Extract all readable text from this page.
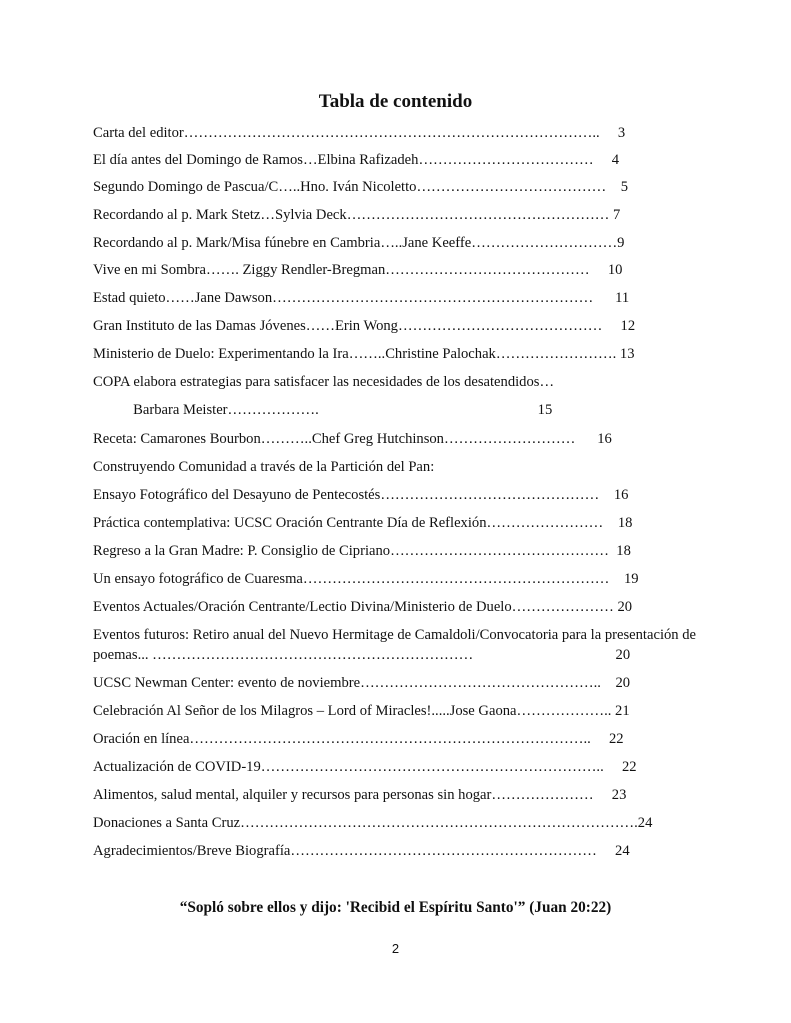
Tabla de contenido
Carta del editor…………………………………………………………………………..     3
El día antes del Domingo de Ramos…Elbina Rafizadeh………………………………     4
Segundo Domingo de Pascua/C…..Hno. Iván Nicoletto…………………………………    5
Recordando al p. Mark Stetz…Sylvia Deck……………………………………………… 7
Recordando al p. Mark/Misa fúnebre en Cambria…..Jane Keeffe…………………………9
Vive en mi Sombra……. Ziggy Rendler-Bregman……………………………………     10
Estad quieto……Jane Dawson…………………………………………………………      11
Gran Instituto de las Damas Jóvenes……Erin Wong……………………………………     12
Ministerio de Duelo: Experimentando la Ira……..Christine Palochak……………………. 13
COPA elabora estrategias para satisfacer las necesidades de los desatendidos…
Barbara Meister……………….                                                            15
Receta: Camarones Bourbon………..Chef Greg Hutchinson………………………      16
Construyendo Comunidad a través de la Partición del Pan:
Ensayo Fotográfico del Desayuno de Pentecostés………………………………………    16
Práctica contemplativa: UCSC Oración Centrante Día de Reflexión……………………    18
Regreso a la Gran Madre: P. Consiglio de Cipriano………………………………………  18
Un ensayo fotográfico de Cuaresma………………………………………………………    19
Eventos Actuales/Oración Centrante/Lectio Divina/Ministerio de Duelo………………… 20
Eventos futuros: Retiro anual del Nuevo Hermitage de Camaldoli/Convocatoria para la presentación de
poemas... …………………………………………………………                                       20
UCSC Newman Center: evento de noviembre…………………………………………..    20
Celebración Al Señor de los Milagros – Lord of Miracles!.....Jose Gaona……………….. 21
Oración en línea………………………………………………………………………..     22
Actualización de COVID-19……………………………………………………………..     22
Alimentos, salud mental, alquiler y recursos para personas sin hogar…………………     23
Donaciones a Santa Cruz……………………………………………………………………….24
Agradecimientos/Breve Biografía………………………………………………………     24
“Sopló sobre ellos y dijo: 'Recibid el Espíritu Santo'” (Juan 20:22)
2
